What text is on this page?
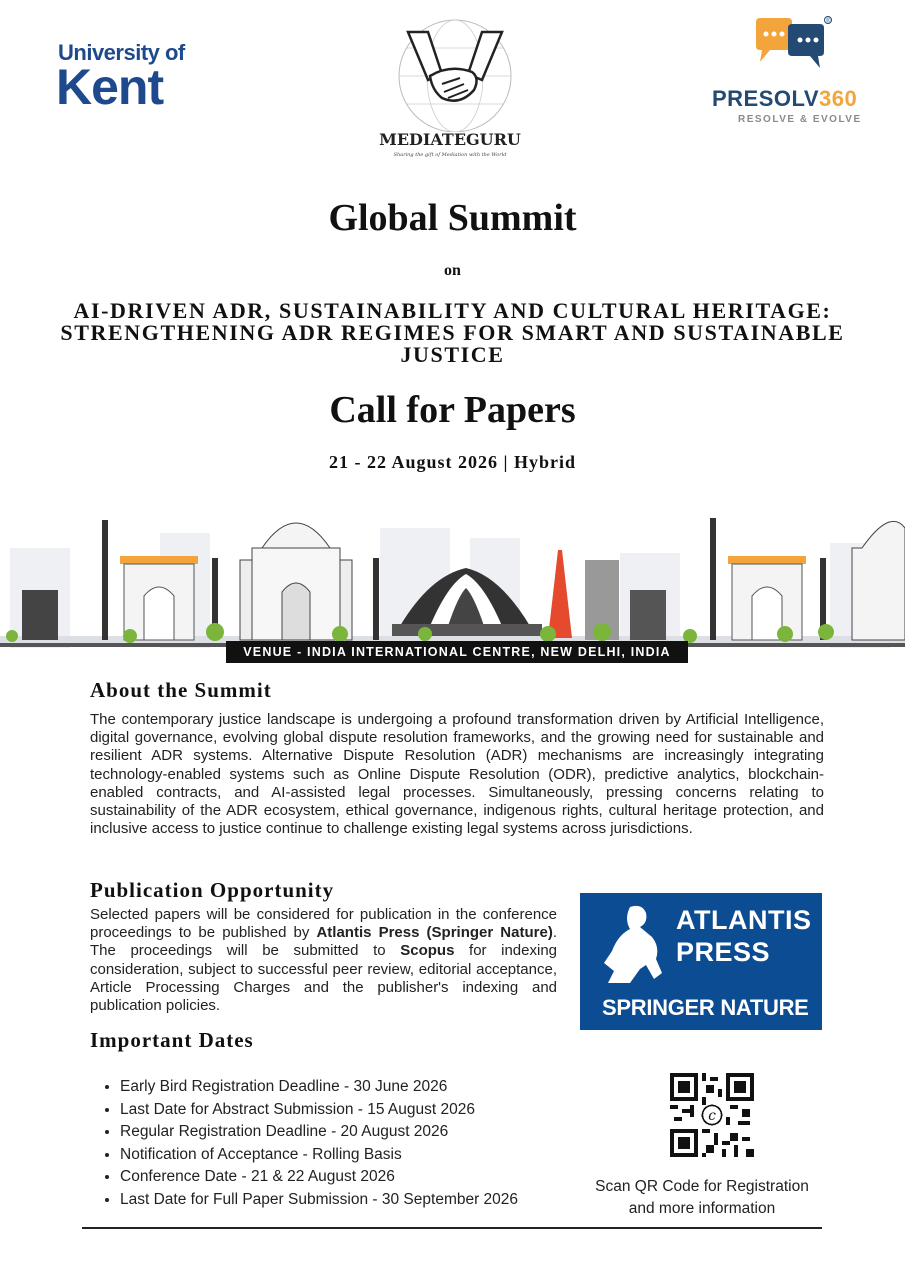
University of
Kent
MEDIATEGURU
Sharing the gift of Mediation with the World
®
PRESOLV360
RESOLVE & EVOLVE
Global Summit
on
AI-DRIVEN ADR, SUSTAINABILITY AND CULTURAL HERITAGE:
STRENGTHENING ADR REGIMES FOR SMART AND SUSTAINABLE
JUSTICE
Call for Papers
21 - 22 August 2026 | Hybrid
VENUE - INDIA INTERNATIONAL CENTRE, NEW DELHI, INDIA
About the Summit
The contemporary justice landscape is undergoing a profound transformation driven by Artificial Intelligence, digital governance, evolving global dispute resolution frameworks, and the growing need for sustainable and resilient ADR systems. Alternative Dispute Resolution (ADR) mechanisms are increasingly integrating technology-enabled systems such as Online Dispute Resolution (ODR), predictive analytics, blockchain-enabled contracts, and AI-assisted legal processes. Simultaneously, pressing concerns relating to sustainability of the ADR ecosystem, ethical governance, indigenous rights, cultural heritage protection, and inclusive access to justice continue to challenge existing legal systems across jurisdictions.
Publication Opportunity
Selected papers will be considered for publication in the conference proceedings to be published by Atlantis Press (Springer Nature). The proceedings will be submitted to Scopus for indexing consideration, subject to successful peer review, editorial acceptance, Article Processing Charges and the publisher's indexing and publication policies.
ATLANTIS
PRESS
SPRINGER NATURE
Important Dates
• Early Bird Registration Deadline - 30 June 2026
• Last Date for Abstract Submission - 15 August 2026
• Regular Registration Deadline - 20 August 2026
• Notification of Acceptance - Rolling Basis
• Conference Date - 21 & 22 August 2026
• Last Date for Full Paper Submission - 30 September 2026
c
Scan QR Code for Registration
and more information
